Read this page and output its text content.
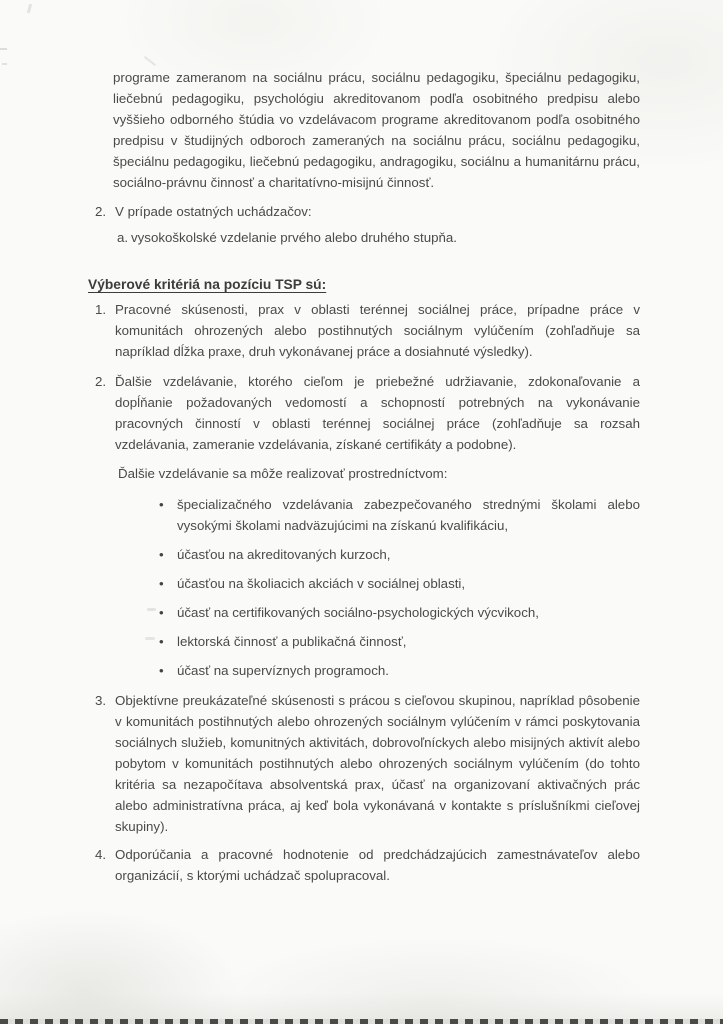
programe zameranom na sociálnu prácu, sociálnu pedagogiku, špeciálnu pedagogiku, liečebnú pedagogiku, psychológiu akreditovanom podľa osobitného predpisu alebo vyššieho odborného štúdia vo vzdelávacom programe akreditovanom podľa osobitného predpisu v študijných odboroch zameraných na sociálnu prácu, sociálnu pedagogiku, špeciálnu pedagogiku, liečebnú pedagogiku, andragogiku, sociálnu a humanitárnu prácu, sociálno-právnu činnosť a charitatívno-misijnú činnosť.

2. V prípade ostatných uchádzačov:
a. vysokoškolské vzdelanie prvého alebo druhého stupňa.
Výberové kritériá na pozíciu TSP sú:
1. Pracovné skúsenosti, prax v oblasti terénnej sociálnej práce, prípadne práce v komunitách ohrozených alebo postihnutých sociálnym vylúčením (zohľadňuje sa napríklad dĺžka praxe, druh vykonávanej práce a dosiahnuté výsledky).
2. Ďalšie vzdelávanie, ktorého cieľom je priebežné udržiavanie, zdokonaľovanie a dopĺňanie požadovaných vedomostí a schopností potrebných na vykonávanie pracovných činností v oblasti terénnej sociálnej práce (zohľadňuje sa rozsah vzdelávania, zameranie vzdelávania, získané certifikáty a podobne).
Ďalšie vzdelávanie sa môže realizovať prostredníctvom:
•	špecializačného vzdelávania zabezpečovaného strednými školami alebo vysokými školami nadväzujúcimi na získanú kvalifikáciu,
•	účasťou na akreditovaných kurzoch,
•	účasťou na školiacich akciách v sociálnej oblasti,
•	účasť na certifikovaných sociálno-psychologických výcvikoch,
•	lektorská činnosť a publikačná činnosť,
•	účasť na supervíznych programoch.
3. Objektívne preukázateľné skúsenosti s prácou s cieľovou skupinou, napríklad pôsobenie v komunitách postihnutých alebo ohrozených sociálnym vylúčením v rámci poskytovania sociálnych služieb, komunitných aktivitách, dobrovoľníckych alebo misijných aktivít alebo pobytom v komunitách postihnutých alebo ohrozených sociálnym vylúčením (do tohto kritéria sa nezapočítava absolventská prax, účasť na organizovaní aktivačných prác alebo administratívna práca, aj keď bola vykonávaná v kontakte s príslušníkmi cieľovej skupiny).
4. Odporúčania a pracovné hodnotenie od predchádzajúcich zamestnávateľov alebo organizácií, s ktorými uchádzač spolupracoval.
